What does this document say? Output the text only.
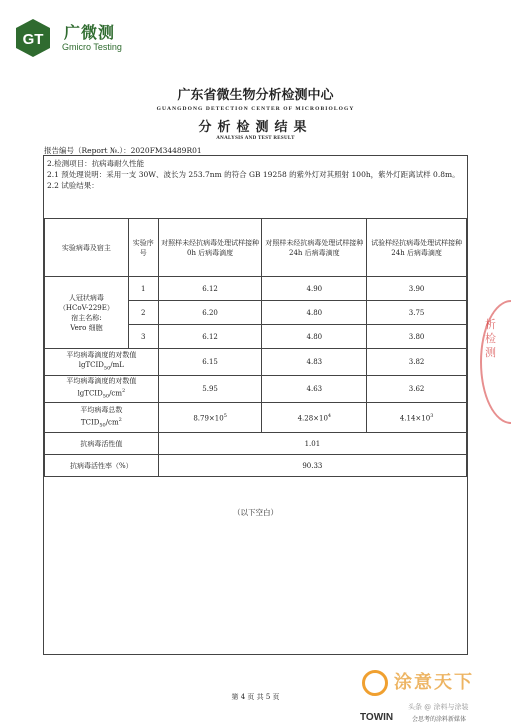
GT 广微测
Gmicro Testing
广东省微生物分析检测中心
GUANGDONG DETECTION CENTER OF MICROBIOLOGY
分析检测结果
ANALYSIS AND TEST RESULT
报告编号（Report №.）：2020FM34489R01

2.检测项目：抗病毒耐久性能

2.1 预处理说明：采用一支 30W、波长为 253.7nm 的符合 GB 19258 的紫外灯对其照射 100h，紫外灯距离试样 0.8m。

2.2 试验结果：

实验病毒及宿主	实验序号	对照样未经抗病毒处理试样接种 0h 后病毒滴度	对照样未经抗病毒处理试样接种 24h 后病毒滴度	试验样经抗病毒处理试样接种 24h 后病毒滴度

人冠状病毒
（HCoV-229E）
宿主名称:
Vero 细胞	1	6.12	4.90	3.90
	2	6.20	4.80	3.75
	3	6.12	4.80	3.80

平均病毒滴度的对数值
lgTCID$_{50}$/mL		6.15	4.83	3.82

平均病毒滴度的对数值
$lgTCID_{50}/cm^2$		5.95	4.63	3.62

平均病毒总数
$TCID_{50}/cm^2$		$8.79\times 10^5$	$4.28\times 10^4$	$4.14\times 10^3$
抗病毒活性值		1.01		
抗病毒活性率（%）		90.33		
（以下空白）
析检测
第 4 页 共 5 页
涂意天下
头条 @ 涂料与涂装
TOWIN	会思考的涂料新媒体
